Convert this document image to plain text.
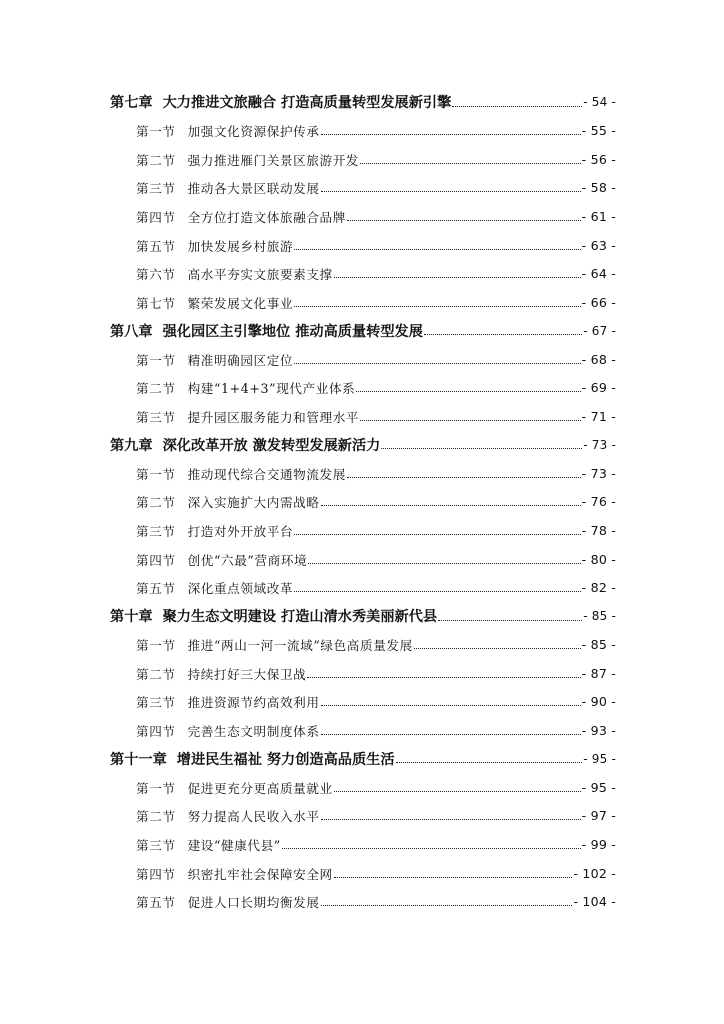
第七章 大力推进文旅融合 打造高质量转型发展新引擎	- 54 -
第一节 加强文化资源保护传承	- 55 -
第二节 强力推进雁门关景区旅游开发	- 56 -
第三节 推动各大景区联动发展	- 58 -
第四节 全方位打造文体旅融合品牌	- 61 -
第五节 加快发展乡村旅游	- 63 -
第六节 高水平夯实文旅要素支撑	- 64 -
第七节 繁荣发展文化事业	- 66 -
第八章 强化园区主引擎地位 推动高质量转型发展	- 67 -
第一节 精准明确园区定位	- 68 -
第二节 构建“1+4+3”现代产业体系	- 69 -
第三节 提升园区服务能力和管理水平	- 71 -
第九章 深化改革开放 激发转型发展新活力	- 73 -
第一节 推动现代综合交通物流发展	- 73 -
第二节 深入实施扩大内需战略	- 76 -
第三节 打造对外开放平台	- 78 -
第四节 创优“六最”营商环境	- 80 -
第五节 深化重点领域改革	- 82 -
第十章 聚力生态文明建设 打造山清水秀美丽新代县	- 85 -
第一节 推进“两山一河一流域”绿色高质量发展	- 85 -
第二节 持续打好三大保卫战	- 87 -
第三节 推进资源节约高效利用	- 90 -
第四节 完善生态文明制度体系	- 93 -
第十一章 增进民生福祉 努力创造高品质生活	- 95 -
第一节 促进更充分更高质量就业	- 95 -
第二节 努力提高人民收入水平	- 97 -
第三节 建设“健康代县”	- 99 -
第四节 织密扎牢社会保障安全网	- 102 -
第五节 促进人口长期均衡发展	- 104 -
